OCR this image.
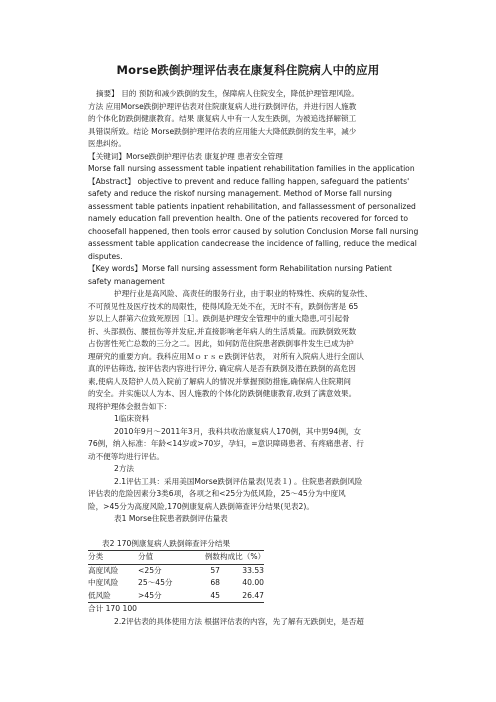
Morse跌倒护理评估表在康复科住院病人中的应用
摘要】 目的 预防和减少跌倒的发生，保障病人住院安全，降低护理管理风险。
方法 应用Morse跌倒护理评估表对住院康复病人进行跌倒评估，并进行因人施教
的个体化防跌倒健康教育。结果 康复病人中有一人发生跌倒，为被追选择解锁工
具错误所致。结论 Morse跌倒护理评估表的应用能大大降低跌倒的发生率，减少
医患纠纷。
【关键词】Morse跌倒护理评估表 康复护理 患者安全管理
Morse fall nursing assessment table inpatient rehabilitation families in the application
【Abstract】 objective to prevent and reduce falling happen, safeguard the patients'
safety and reduce the riskof nursing management. Method of Morse fall nursing
assessment table patients inpatient rehabilitation, and fallassessment of personalized
namely education fall prevention health. One of the patients recovered for forced to
choosefall happened, then tools error caused by solution Conclusion Morse fall nursing
assessment table application candecrease the incidence of falling, reduce the medical
disputes.
【Key words】Morse fall nursing assessment form Rehabilitation nursing Patient
safety management
护理行业是高风险、高责任的服务行业，由于职业的特殊性、疾病的复杂性、
不可预见性及医疗技术的局限性，使得风险无处不在，无时不有，跌倒伤害是 65
岁以上人群第六位致死原因［1］。跌倒是护理安全管理中的重大隐患,可引起骨
折、头部损伤、腰扭伤等并发症,并直接影响老年病人的生活质量。而跌倒致死数
占伤害性死亡总数的三分之二。因此，如何防范住院患者跌倒事件发生已成为护
理研究的重要方向。我科应用Ｍｏｒｓｅ跌倒评估表， 对所有入院病人进行全面认
真的评估筛选, 按评估表内容进行评分, 确定病人是否有跌倒及潜在跌倒的高危因
素,使病人及陪护人员入院前了解病人的情况并掌握预防措施,确保病人住院期间
的安全。并实施以人为本、因人施教的个体化防跌倒健康教育,收到了满意效果。
现将护理体会报告如下：
1临床资料
2010年9月～2011年3月，我科共收治康复病人170例，其中男94例，女
76例，纳入标准：年龄<14岁或>70岁，孕妇，=意识障碍患者、有疼痛患者、行
动不便等均进行评估。
2方法
2.1评估工具：采用美国Morse跌倒评估量表(见表１) 。住院患者跌倒风险
评估表的危险因素分3类6项，各项之和<25分为低风险，25～45分为中度风
险，>45分为高度风险,170例康复病人跌倒筛查评分结果(见表2)。
表1 Morse住院患者跌倒评估量表
表2 170例康复病人跌倒筛查评分结果
分类	分值	例数 构成比（%）
高度风险	<25分	57	33.53
中度风险	25～45分	68	40.00
低风险	>45分	45	26.47
合计 170 100
2.2评估表的具体使用方法 根据评估表的内容，先了解有无跌倒史，是否超
